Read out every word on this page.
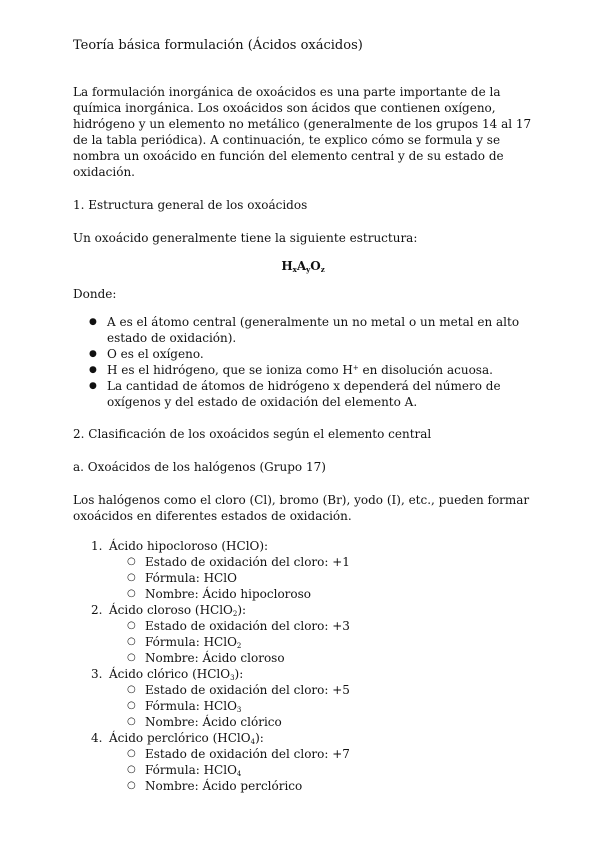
Teoría básica formulación (Ácidos oxácidos)

La formulación inorgánica de oxoácidos es una parte importante de la química inorgánica. Los oxoácidos son ácidos que contienen oxígeno, hidrógeno y un elemento no metálico (generalmente de los grupos 14 al 17 de la tabla periódica). A continuación, te explico cómo se formula y se nombra un oxoácido en función del elemento central y de su estado de oxidación.

1. Estructura general de los oxoácidos

Un oxoácido generalmente tiene la siguiente estructura:

$H_xA_yO_z$

Donde:

● A es el átomo central (generalmente un no metal o un metal en alto estado de oxidación).
● O es el oxígeno.
● H es el hidrógeno, que se ioniza como H+ en disolución acuosa.
● La cantidad de átomos de hidrógeno x dependerá del número de oxígenos y del estado de oxidación del elemento A.

2. Clasificación de los oxoácidos según el elemento central

a. Oxoácidos de los halógenos (Grupo 17)

Los halógenos como el cloro (Cl), bromo (Br), yodo (I), etc., pueden formar oxoácidos en diferentes estados de oxidación.

1. Ácido hipocloroso (HClO):
○ Estado de oxidación del cloro: +1
○ Fórmula: HClO
○ Nombre: Ácido hipocloroso
2. Ácido cloroso (HClO$_2$):
○ Estado de oxidación del cloro: +3
○ Fórmula: HClO$_2$
○ Nombre: Ácido cloroso
3. Ácido clórico (HClO$_3$):
○ Estado de oxidación del cloro: +5
○ Fórmula: HClO$_3$
○ Nombre: Ácido clórico
4. Ácido perclórico (HClO$_4$):
○ Estado de oxidación del cloro: +7
○ Fórmula: HClO$_4$
○ Nombre: Ácido perclórico
